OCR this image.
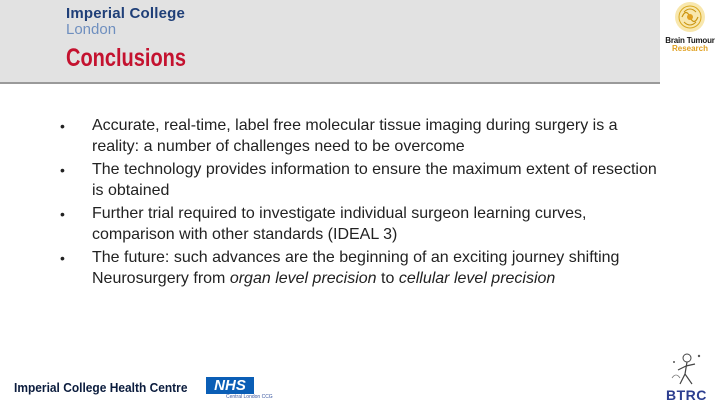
Imperial College
London
Conclusions
Brain Tumour
Research
• Accurate, real-time, label free molecular tissue imaging during surgery is a reality: a number of challenges need to be overcome
• The technology provides information to ensure the maximum extent of resection is obtained
• Further trial required to investigate individual surgeon learning curves, comparison with other standards (IDEAL 3)
• The future: such advances are the beginning of an exciting journey shifting Neurosurgery from organ level precision to cellular level precision
Imperial College Health Centre	NHS
Central London CCG	BTRC
